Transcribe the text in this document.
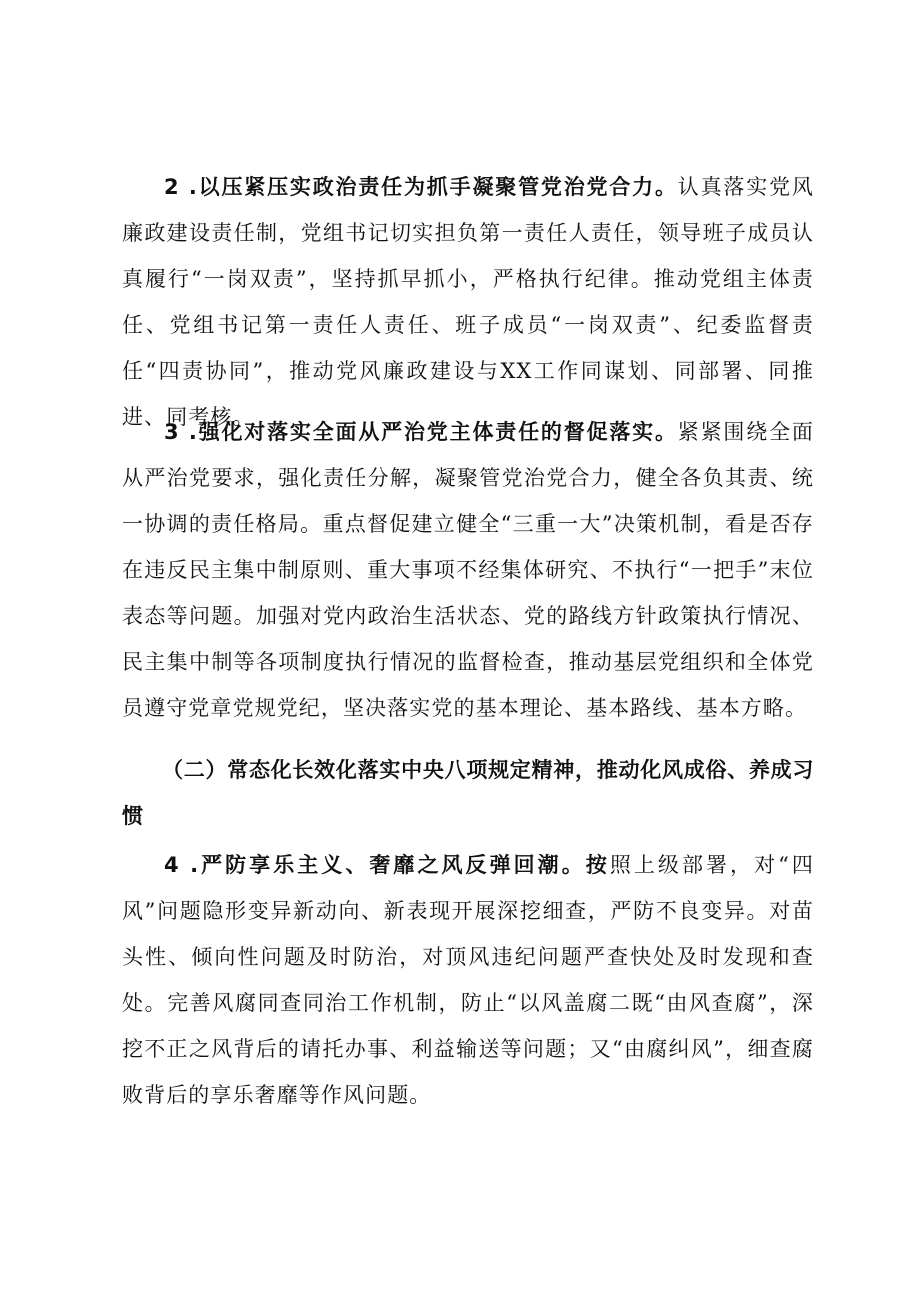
2 .以压紧压实政治责任为抓手凝聚管党治党合力。认真落实党风廉政建设责任制，党组书记切实担负第一责任人责任，领导班子成员认真履行“一岗双责”，坚持抓早抓小，严格执行纪律。推动党组主体责任、党组书记第一责任人责任、班子成员“一岗双责”、纪委监督责任“四责协同”，推动党风廉政建设与XX工作同谋划、同部署、同推进、同考核。

3 .强化对落实全面从严治党主体责任的督促落实。紧紧围绕全面从严治党要求，强化责任分解，凝聚管党治党合力，健全各负其责、统一协调的责任格局。重点督促建立健全“三重一大”决策机制，看是否存在违反民主集中制原则、重大事项不经集体研究、不执行“一把手”末位表态等问题。加强对党内政治生活状态、党的路线方针政策执行情况、民主集中制等各项制度执行情况的监督检查，推动基层党组织和全体党员遵守党章党规党纪，坚决落实党的基本理论、基本路线、基本方略。

（二）常态化长效化落实中央八项规定精神，推动化风成俗、养成习惯

4 .严防享乐主义、奢靡之风反弹回潮。按照上级部署，对“四风”问题隐形变异新动向、新表现开展深挖细查，严防不良变异。对苗头性、倾向性问题及时防治，对顶风违纪问题严查快处及时发现和查处。完善风腐同查同治工作机制，防止“以风盖腐二既“由风查腐”，深挖不正之风背后的请托办事、利益输送等问题；又“由腐纠风”，细查腐败背后的享乐奢靡等作风问题。
